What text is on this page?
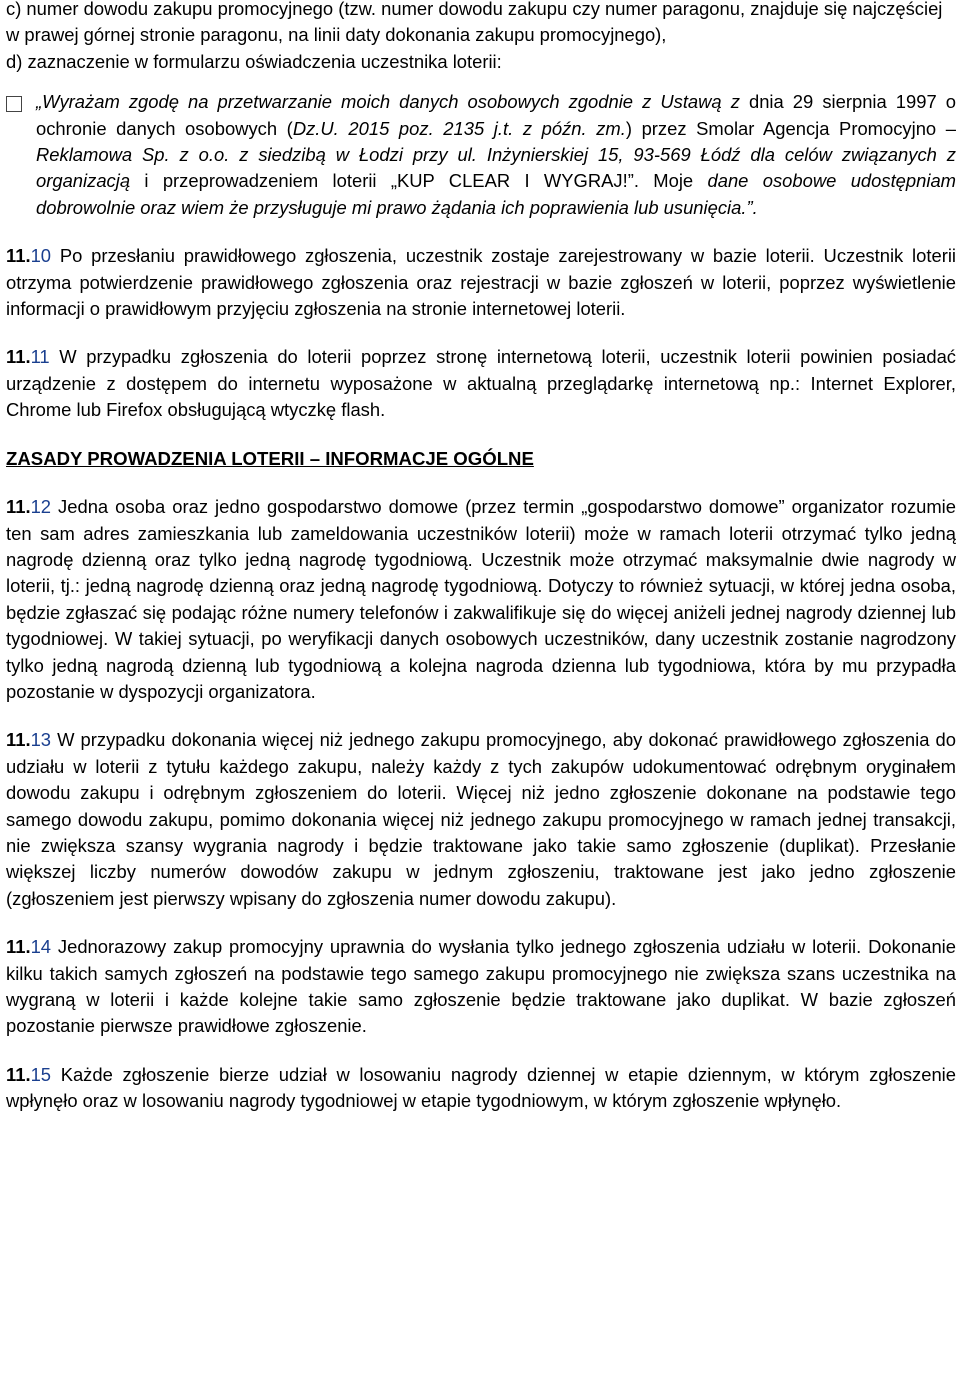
c) numer dowodu zakupu promocyjnego (tzw. numer dowodu zakupu czy numer paragonu, znajduje się najczęściej w prawej górnej stronie paragonu, na linii daty dokonania zakupu promocyjnego),

d) zaznaczenie w formularzu oświadczenia uczestnika loterii:

„Wyrażam zgodę na przetwarzanie moich danych osobowych zgodnie z Ustawą z dnia 29 sierpnia 1997 o ochronie danych osobowych (Dz.U. 2015 poz. 2135 j.t. z późn. zm.) przez Smolar Agencja Promocyjno – Reklamowa Sp. z o.o. z siedzibą w Łodzi przy ul. Inżynierskiej 15, 93-569 Łódź dla celów związanych z organizacją i przeprowadzeniem loterii „KUP CLEAR I WYGRAJ!”. Moje dane osobowe udostępniam dobrowolnie oraz wiem że przysługuje mi prawo żądania ich poprawienia lub usunięcia.”.

11.10 Po przesłaniu prawidłowego zgłoszenia, uczestnik zostaje zarejestrowany w bazie loterii. Uczestnik loterii otrzyma potwierdzenie prawidłowego zgłoszenia oraz rejestracji w bazie zgłoszeń w loterii, poprzez wyświetlenie informacji o prawidłowym przyjęciu zgłoszenia na stronie internetowej loterii.

11.11 W przypadku zgłoszenia do loterii poprzez stronę internetową loterii, uczestnik loterii powinien posiadać urządzenie z dostępem do internetu wyposażone w aktualną przeglądarkę internetową np.: Internet Explorer, Chrome lub Firefox obsługującą wtyczkę flash.

ZASADY PROWADZENIA LOTERII – INFORMACJE OGÓLNE

11.12 Jedna osoba oraz jedno gospodarstwo domowe (przez termin „gospodarstwo domowe” organizator rozumie ten sam adres zamieszkania lub zameldowania uczestników loterii) może w ramach loterii otrzymać tylko jedną nagrodę dzienną oraz tylko jedną nagrodę tygodniową. Uczestnik może otrzymać maksymalnie dwie nagrody w loterii, tj.: jedną nagrodę dzienną oraz jedną nagrodę tygodniową. Dotyczy to również sytuacji, w której jedna osoba, będzie zgłaszać się podając różne numery telefonów i zakwalifikuje się do więcej aniżeli jednej nagrody dziennej lub tygodniowej. W takiej sytuacji, po weryfikacji danych osobowych uczestników, dany uczestnik zostanie nagrodzony tylko jedną nagrodą dzienną lub tygodniową a kolejna nagroda dzienna lub tygodniowa, która by mu przypadła pozostanie w dyspozycji organizatora.

11.13 W przypadku dokonania więcej niż jednego zakupu promocyjnego, aby dokonać prawidłowego zgłoszenia do udziału w loterii z tytułu każdego zakupu, należy każdy z tych zakupów udokumentować odrębnym oryginałem dowodu zakupu i odrębnym zgłoszeniem do loterii. Więcej niż jedno zgłoszenie dokonane na podstawie tego samego dowodu zakupu, pomimo dokonania więcej niż jednego zakupu promocyjnego w ramach jednej transakcji, nie zwiększa szansy wygrania nagrody i będzie traktowane jako takie samo zgłoszenie (duplikat). Przesłanie większej liczby numerów dowodów zakupu w jednym zgłoszeniu, traktowane jest jako jedno zgłoszenie (zgłoszeniem jest pierwszy wpisany do zgłoszenia numer dowodu zakupu).

11.14 Jednorazowy zakup promocyjny uprawnia do wysłania tylko jednego zgłoszenia udziału w loterii. Dokonanie kilku takich samych zgłoszeń na podstawie tego samego zakupu promocyjnego nie zwiększa szans uczestnika na wygraną w loterii i każde kolejne takie samo zgłoszenie będzie traktowane jako duplikat. W bazie zgłoszeń pozostanie pierwsze prawidłowe zgłoszenie.

11.15 Każde zgłoszenie bierze udział w losowaniu nagrody dziennej w etapie dziennym, w którym zgłoszenie wpłynęło oraz w losowaniu nagrody tygodniowej w etapie tygodniowym, w którym zgłoszenie wpłynęło.
